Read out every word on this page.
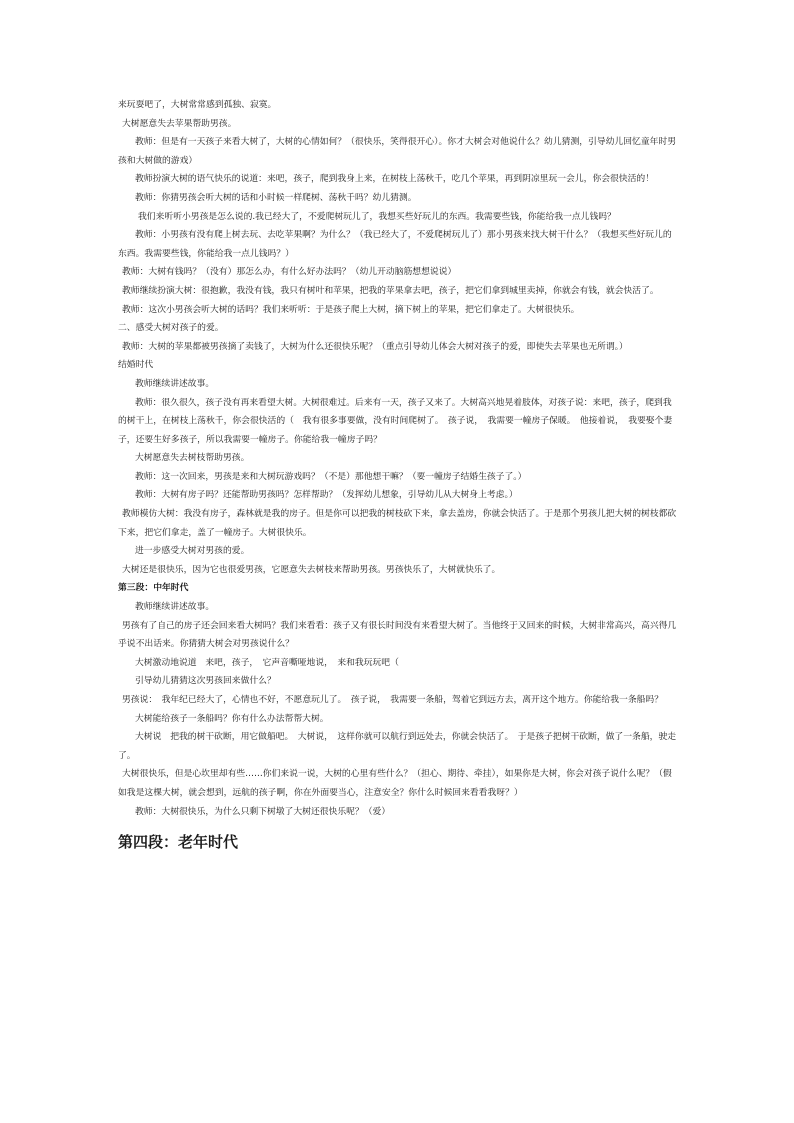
来玩耍吧了，大树常常感到孤独、寂寞。

大树愿意失去苹果帮助男孩。

教师：但是有一天孩子来看大树了，大树的心情如何？（很快乐，笑得很开心）。你才大树会对他说什么？幼儿猜测，引导幼儿回忆童年时男孩和大树做的游戏）

教师扮演大树的语气快乐的说道：来吧，孩子，爬到我身上来，在树枝上荡秋千，吃几个苹果，再到阴凉里玩一会儿，你会很快活的！

教师：你猜男孩会听大树的话和小时候一样爬树、荡秋千吗？幼儿猜测。

我们来听听小男孩是怎么说的.我已经大了，不爱爬树玩儿了，我想买些好玩儿的东西。我需要些钱，你能给我一点儿钱吗？

教师：小男孩有没有爬上树去玩、去吃苹果啊？为什么？（我已经大了，不爱爬树玩儿了）那小男孩来找大树干什么？（我想买些好玩儿的东西。我需要些钱，你能给我一点儿钱吗？）

教师：大树有钱吗？（没有）那怎么办，有什么好办法吗？（幼儿开动脑筋想想说说）

教师继续扮演大树：很抱歉，我没有钱，我只有树叶和苹果，把我的苹果拿去吧，孩子，把它们拿到城里卖掉，你就会有钱，就会快活了。

教师：这次小男孩会听大树的话吗？我们来听听：于是孩子爬上大树，摘下树上的苹果，把它们拿走了。大树很快乐。

二、感受大树对孩子的爱。

教师：大树的苹果都被男孩摘了卖钱了，大树为什么还很快乐呢？（重点引导幼儿体会大树对孩子的爱，即使失去苹果也无所谓。）

结婚时代

教师继续讲述故事。

教师：很久很久，孩子没有再来看望大树。大树很难过。后来有一天，孩子又来了。大树高兴地晃着肢体，对孩子说：来吧，孩子，爬到我的树干上，在树枝上荡秋千，你会很快活的（　我有很多事要做，没有时间爬树了。　孩子说，　我需要一幢房子保暖。　他接着说，　我要娶个妻子，还要生好多孩子，所以我需要一幢房子。你能给我一幢房子吗？

大树愿意失去树枝帮助男孩。

教师：这一次回来，男孩是来和大树玩游戏吗？（不是）那他想干嘛？（要一幢房子结婚生孩子了。）

教师：大树有房子吗？还能帮助男孩吗？怎样帮助？（发挥幼儿想象，引导幼儿从大树身上考虑。）

教师模仿大树：我没有房子，森林就是我的房子。但是你可以把我的树枝砍下来，拿去盖房，你就会快活了。于是那个男孩儿把大树的树枝都砍下来，把它们拿走，盖了一幢房子。大树很快乐。

进一步感受大树对男孩的爱。

大树还是很快乐，因为它也很爱男孩，它愿意失去树枝来帮助男孩。男孩快乐了，大树就快乐了。

第三段：中年时代

教师继续讲述故事。

男孩有了自己的房子还会回来看大树吗？我们来看看：孩子又有很长时间没有来看望大树了。当他终于又回来的时候，大树非常高兴，高兴得几乎说不出话来。你猜猜大树会对男孩说什么？

大树激动地说道　来吧，孩子，　它声音嘶哑地说，　来和我玩玩吧（

引导幼儿猜猜这次男孩回来做什么？

男孩说：　我年纪已经大了，心情也不好，不愿意玩儿了。　孩子说，　我需要一条船，驾着它到远方去，离开这个地方。你能给我一条船吗？

大树能给孩子一条船吗？你有什么办法帮帮大树。

大树说　把我的树干砍断，用它做船吧。　大树说，　这样你就可以航行到远处去，你就会快活了。　于是孩子把树干砍断，做了一条船，驶走了。

大树很快乐，但是心坎里却有些……你们来说一说，大树的心里有些什么？（担心、期待、牵挂），如果你是大树，你会对孩子说什么呢？（假如我是这棵大树，就会想到，远航的孩子啊，你在外面要当心，注意安全？你什么时候回来看看我呀？）

教师：大树很快乐，为什么只剩下树墩了大树还很快乐呢？（爱）

第四段：老年时代
